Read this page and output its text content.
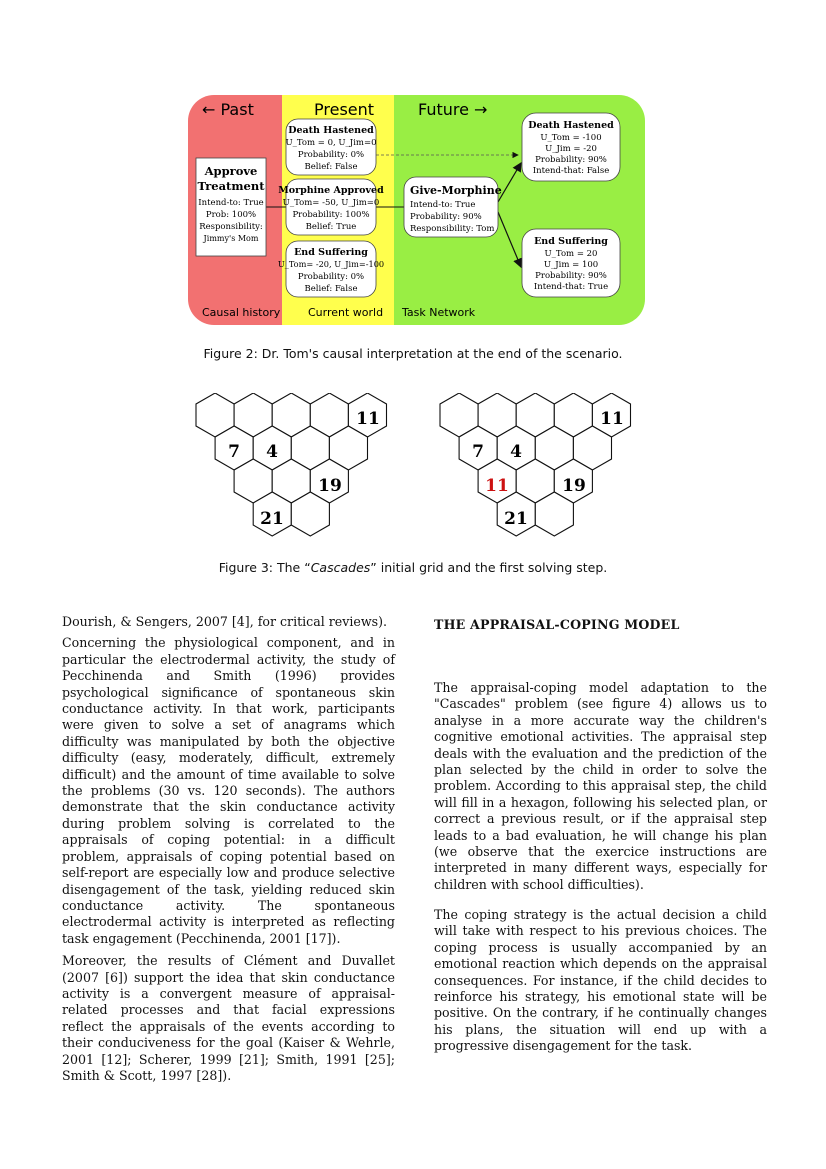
← Past	Present	Future →
Causal history	Current world Task Network
Approve
Treatment
Intend-to: True
Prob: 100%
Responsibility:
Jimmy's Mom
Death Hastened
U_Tom = 0, U_Jim=0
Probability: 0%
Belief: False
Morphine Approved
U_Tom= -50, U_Jim=0
Probability: 100%
Belief: True
End Suffering
U_Tom= -20, U_Jim=-100
Probability: 0%
Belief: False
Give-Morphine
Intend-to: True
Probability: 90%
Responsibility: Tom
Death Hastened
U_Tom = -100
U_Jim = -20
Probability: 90%
Intend-that: False
End Suffering
U_Tom = 20
U_Jim = 100
Probability: 90%
Intend-that: True
Figure 2: Dr. Tom's causal interpretation at the end of the scenario.
11
7 4
19
21
11
7 4
11	19
21
Figure 3: The “Cascades” initial grid and the first solving step.

Dourish, & Sengers, 2007 [4], for critical reviews).

Concerning the physiological component, and in particular the electrodermal activity, the study of Pecchinenda and Smith (1996) provides psychological significance of spontaneous skin conductance activity. In that work, participants were given to solve a set of anagrams which difficulty was manipulated by both the objective difficulty (easy, moderately, difficult, extremely difficult) and the amount of time available to solve the problems (30 vs. 120 seconds). The authors demonstrate that the skin conductance activity during problem solving is correlated to the appraisals of coping potential: in a difficult problem, appraisals of coping potential based on self-report are especially low and produce selective disengagement of the task, yielding reduced skin conductance activity. The spontaneous electrodermal activity is interpreted as reflecting task engagement (Pecchinenda, 2001 [17]).

Moreover, the results of Clément and Duvallet (2007 [6]) support the idea that skin conductance activity is a convergent measure of appraisal-related processes and that facial expressions reflect the appraisals of the events according to their conduciveness for the goal (Kaiser & Wehrle, 2001 [12]; Scherer, 1999 [21]; Smith, 1991 [25]; Smith & Scott, 1997 [28]).

THE APPRAISAL-COPING MODEL

The appraisal-coping model adaptation to the "Cascades" problem (see figure 4) allows us to analyse in a more accurate way the children's cognitive emotional activities. The appraisal step deals with the evaluation and the prediction of the plan selected by the child in order to solve the problem. According to this appraisal step, the child will fill in a hexagon, following his selected plan, or correct a previous result, or if the appraisal step leads to a bad evaluation, he will change his plan (we observe that the exercice instructions are interpreted in many different ways, especially for children with school difficulties).

The coping strategy is the actual decision a child will take with respect to his previous choices. The coping process is usually accompanied by an emotional reaction which depends on the appraisal consequences. For instance, if the child decides to reinforce his strategy, his emotional state will be positive. On the contrary, if he continually changes his plans, the situation will end up with a progressive disengagement for the task.
